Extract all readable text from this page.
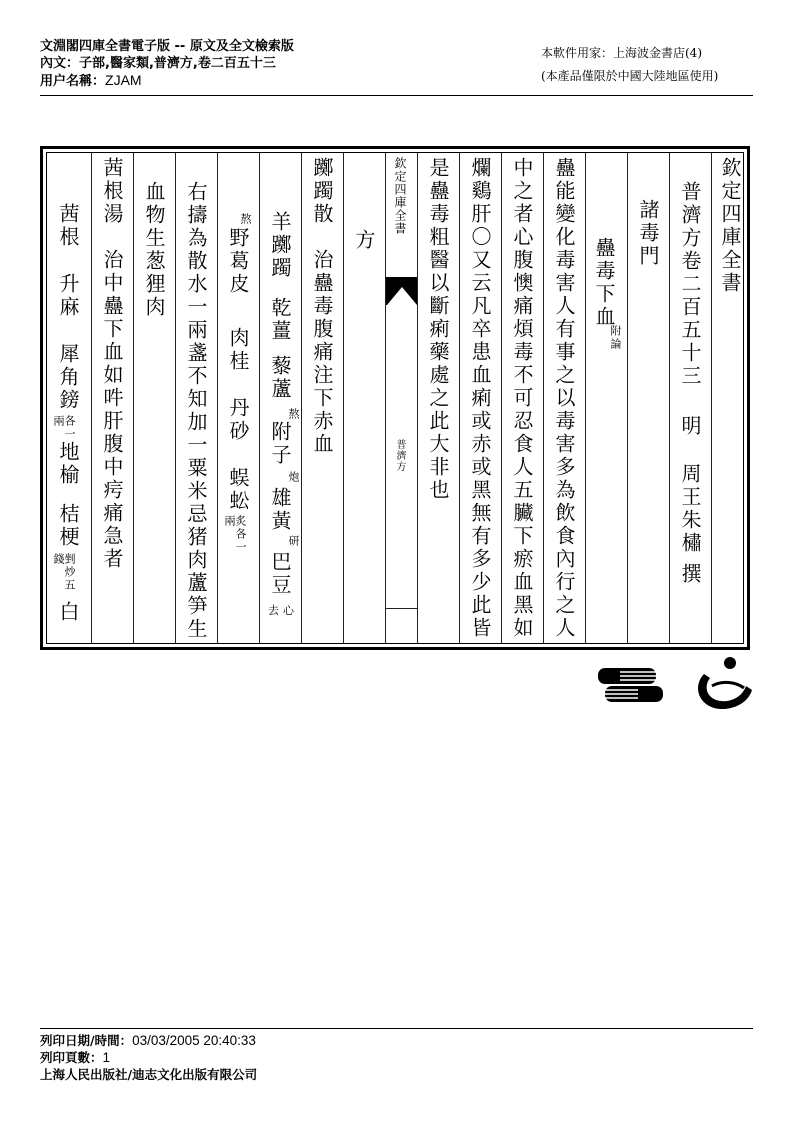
文淵閣四庫全書電子版 -- 原文及全文檢索版
內文：子部,醫家類,普濟方,卷二百五十三
用户名稱：ZJAM
本軟件用家：上海波金書店(4)
(本產品僅限於中國大陸地區使用)
茜根
升麻
犀角鎊
各一兩
地榆
桔梗
剉炒五錢
白
茜根湯
治中蠱下血如吽肝腹中疞痛急者 血物生葱狸肉 右擣為散水一兩盞不知加一粟米忌猪肉蘆笋生	熬
野葛皮
肉桂
丹砂
蜈蚣
炙各一兩
羊躑躅
乾薑
藜蘆
熬
附子
炮
雄黃
研
巴豆
去心
躑躅散
治蠱毒腹痛注下赤血
方
欽定四庫全書
普濟方 是蠱毒粗醫以斷痢藥處之此大非也 爛鷄肝〇又云凡卒患血痢或赤或黑無有多少此皆 中之者心腹懊痛煩毒不可忍食人五臟下瘀血黑如 蠱能變化毒害人有事之以毒害多為飲食內行之人 蠱毒下血
附論
諸毒門 普濟方卷二百五十三
明
周王朱橚
撰
欽定四庫全書
列印日期/時間：03/03/2005 20:40:33
列印頁數：1
上海人民出版社/迪志文化出版有限公司
